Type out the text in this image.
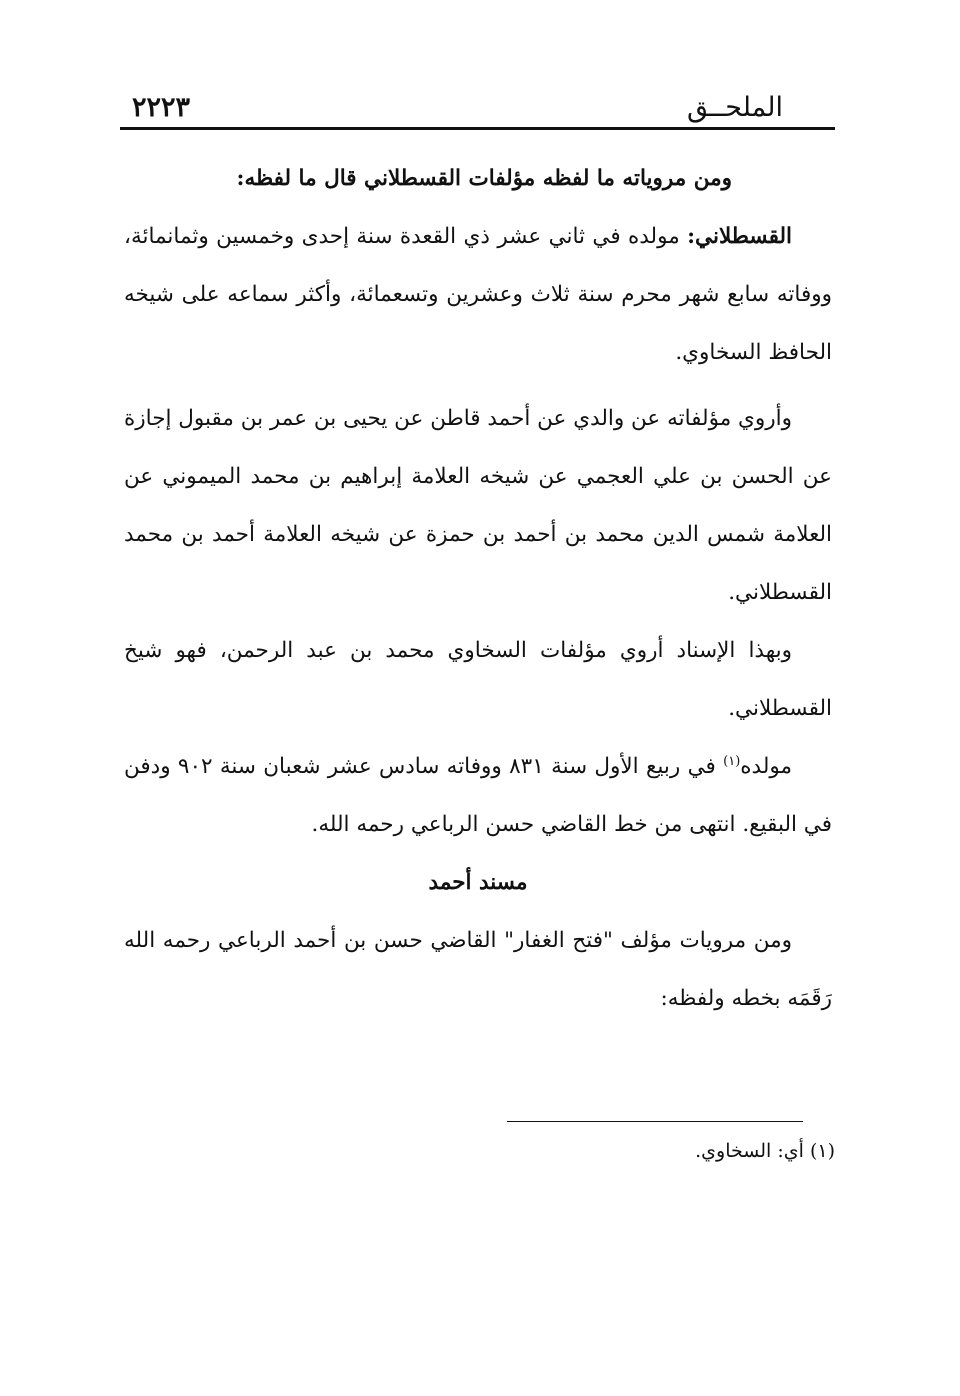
الملحــق
٢٢٢٣

ومن مروياته ما لفظه مؤلفات القسطلاني قال ما لفظه:

القسطلاني: مولده في ثاني عشر ذي القعدة سنة إحدى وخمسين وثمانمائة،

ووفاته سابع شهر محرم سنة ثلاث وعشرين وتسعمائة، وأكثر سماعه على شيخه

الحافظ السخاوي.

وأروي مؤلفاته عن والدي عن أحمد قاطن عن يحيى بن عمر بن مقبول إجازة

عن الحسن بن علي العجمي عن شيخه العلامة إبراهيم بن محمد الميموني عن

العلامة شمس الدين محمد بن أحمد بن حمزة عن شيخه العلامة أحمد بن محمد

القسطلاني.

وبهذا الإسناد أروي مؤلفات السخاوي محمد بن عبد الرحمن، فهو شيخ

القسطلاني.

مولده$^{(١)}$ في ربيع الأول سنة ٨٣١ ووفاته سادس عشر شعبان سنة ٩٠٢ ودفن

في البقيع. انتهى من خط القاضي حسن الرباعي رحمه الله.

مسند أحمد

ومن مرويات مؤلف "فتح الغفار" القاضي حسن بن أحمد الرباعي رحمه الله

رَقَمَه بخطه ولفظه:

(١) أي: السخاوي.
